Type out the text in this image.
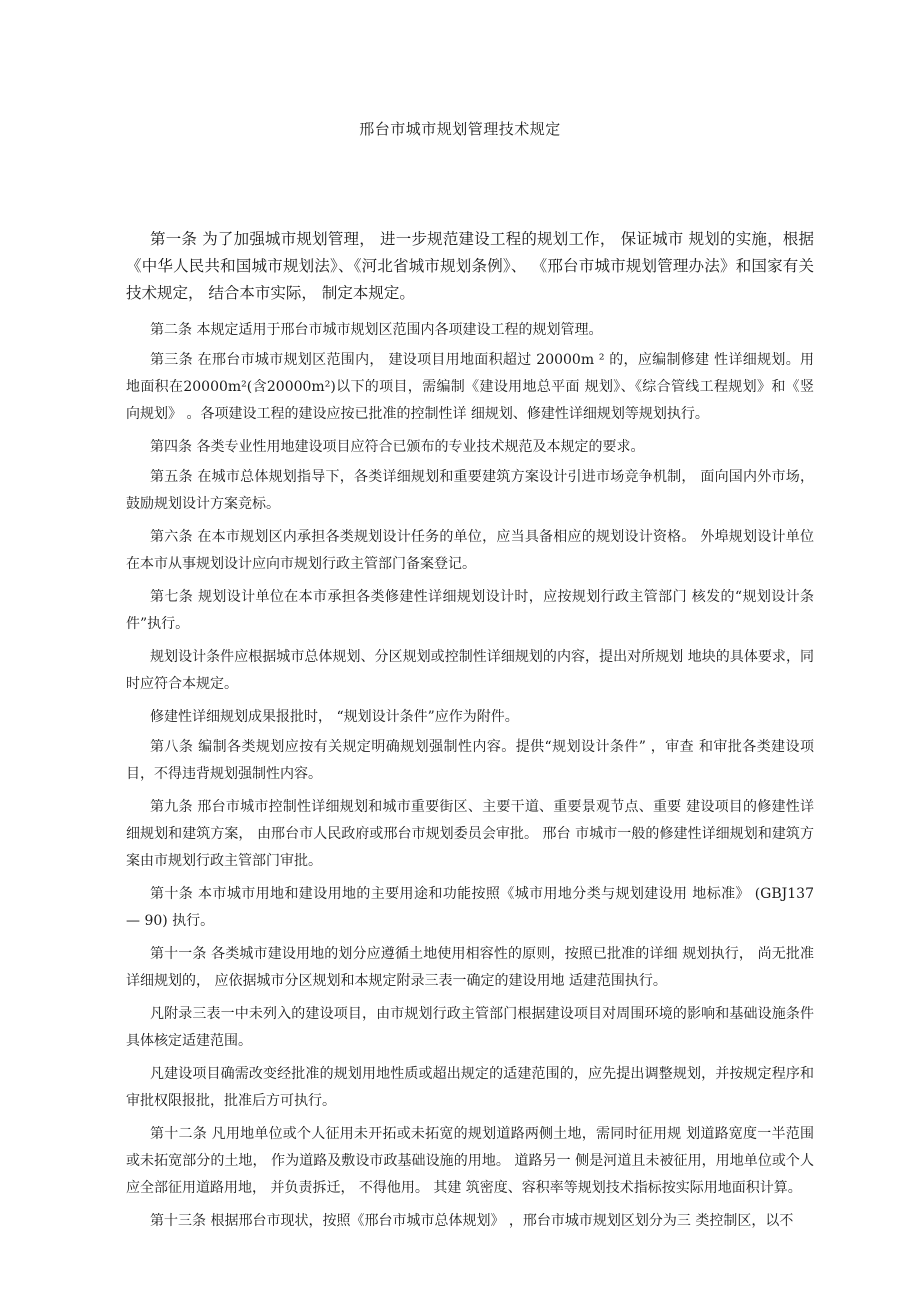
邢台市城市规划管理技术规定

第一条 为了加强城市规划管理， 进一步规范建设工程的规划工作， 保证城市 规划的实施，根据《中华人民共和国城市规划法》、《河北省城市规划条例》、 《邢台市城市规划管理办法》和国家有关技术规定， 结合本市实际， 制定本规定。

第二条 本规定适用于邢台市城市规划区范围内各项建设工程的规划管理。

第三条 在邢台市城市规划区范围内， 建设项目用地面积超过 20000m ² 的，应编制修建 性详细规划。用地面积在20000m²(含20000m²)以下的项目，需编制《建设用地总平面 规划》、《综合管线工程规划》和《竖向规划》 。各项建设工程的建设应按已批准的控制性详 细规划、修建性详细规划等规划执行。

第四条 各类专业性用地建设项目应符合已颁布的专业技术规范及本规定的要求。

第五条 在城市总体规划指导下，各类详细规划和重要建筑方案设计引进市场竞争机制， 面向国内外市场，鼓励规划设计方案竞标。

第六条 在本市规划区内承担各类规划设计任务的单位，应当具备相应的规划设计资格。 外埠规划设计单位在本市从事规划设计应向市规划行政主管部门备案登记。

第七条 规划设计单位在本市承担各类修建性详细规划设计时，应按规划行政主管部门 核发的“规划设计条件”执行。

规划设计条件应根据城市总体规划、分区规划或控制性详细规划的内容，提出对所规划 地块的具体要求，同时应符合本规定。

修建性详细规划成果报批时， “规划设计条件”应作为附件。

第八条 编制各类规划应按有关规定明确规划强制性内容。提供“规划设计条件” ，审查 和审批各类建设项目，不得违背规划强制性内容。

第九条 邢台市城市控制性详细规划和城市重要街区、主要干道、重要景观节点、重要 建设项目的修建性详细规划和建筑方案， 由邢台市人民政府或邢台市规划委员会审批。 邢台 市城市一般的修建性详细规划和建筑方案由市规划行政主管部门审批。

第十条 本市城市用地和建设用地的主要用途和功能按照《城市用地分类与规划建设用 地标准》 (GBJ137 — 90) 执行。

第十一条 各类城市建设用地的划分应遵循土地使用相容性的原则，按照已批准的详细 规划执行， 尚无批准详细规划的， 应依据城市分区规划和本规定附录三表一确定的建设用地 适建范围执行。

凡附录三表一中未列入的建设项目，由市规划行政主管部门根据建设项目对周围环境的影响和基础设施条件具体核定适建范围。

凡建设项目确需改变经批准的规划用地性质或超出规定的适建范围的，应先提出调整规划，并按规定程序和审批权限报批，批准后方可执行。

第十二条 凡用地单位或个人征用未开拓或未拓宽的规划道路两侧土地，需同时征用规 划道路宽度一半范围或未拓宽部分的土地， 作为道路及敷设市政基础设施的用地。 道路另一 侧是河道且未被征用，用地单位或个人应全部征用道路用地， 并负责拆迁， 不得他用。 其建 筑密度、容积率等规划技术指标按实际用地面积计算。

第十三条 根据邢台市现状，按照《邢台市城市总体规划》 ，邢台市城市规划区划分为三 类控制区，以不
